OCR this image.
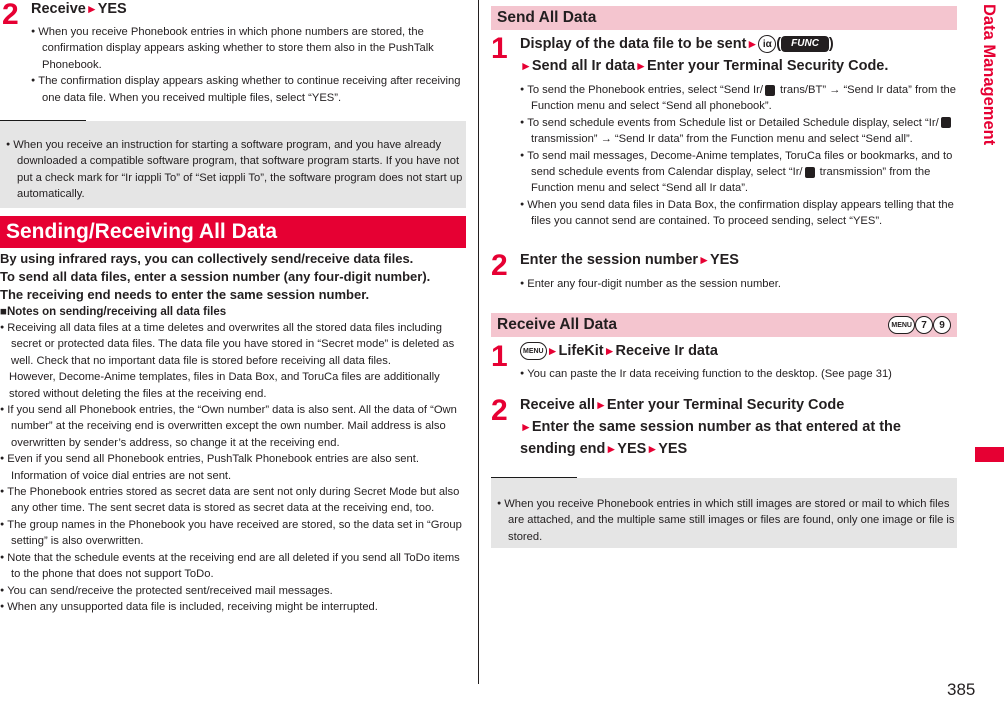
2 Receive►YES

● When you receive Phonebook entries in which phone numbers are stored, the confirmation display appears asking whether to store them also in the PushTalk Phonebook.

● The confirmation display appears asking whether to continue receiving after receiving one data file. When you received multiple files, select “YES”.

● When you receive an instruction for starting a software program, and you have already downloaded a compatible software program, that software program starts. If you have not put a check mark for “Ir iαppli To” of “Set iαppli To”, the software program does not start up automatically.

Sending/Receiving All Data
By using infrared rays, you can collectively send/receive data files.
To send all data files, enter a session number (any four-digit number).
The receiving end needs to enter the same session number.
■Notes on sending/receiving all data files

● Receiving all data files at a time deletes and overwrites all the stored data files including secret or protected data files. The data file you have stored in “Secret mode” is deleted as well. Check that no important data file is stored before receiving all data files.

However, Decome-Anime templates, files in Data Box, and ToruCa files are additionally stored without deleting the files at the receiving end.

● If you send all Phonebook entries, the “Own number” data is also sent. All the data of “Own number” at the receiving end is overwritten except the own number. Mail address is also overwritten by sender’s address, so change it at the receiving end.

● Even if you send all Phonebook entries, PushTalk Phonebook entries are also sent. Information of voice dial entries are not sent.

● The Phonebook entries stored as secret data are sent not only during Secret Mode but also any other time. The sent secret data is stored as secret data at the receiving end, too.

● The group names in the Phonebook you have received are stored, so the data set in “Group setting” is also overwritten.

● Note that the schedule events at the receiving end are all deleted if you send all ToDo items to the phone that does not support ToDo.

● You can send/receive the protected sent/received mail messages.

● When any unsupported data file is included, receiving might be interrupted.

Send All Data
1 Display of the data file to be sent► iα ( FUNC )
►Send all Ir data►Enter your Terminal Security Code.

● To send the Phonebook entries, select “Send Ir/ trans/BT” → “Send Ir data” from the Function menu and select “Send all phonebook”.

● To send schedule events from Schedule list or Detailed Schedule display, select “Ir/ transmission” → “Send Ir data” from the Function menu and select “Send all”.

● To send mail messages, Decome-Anime templates, ToruCa files or bookmarks, and to send schedule events from Calendar display, select “Ir/ transmission” from the Function menu and select “Send all Ir data”.

● When you send data files in Data Box, the confirmation display appears telling that the files you cannot send are contained. To proceed sending, select “YES”.

2 Enter the session number►YES

● Enter any four-digit number as the session number.

Receive All Data	MENU 7 9
1	MENU ►LifeKit►Receive Ir data

● You can paste the Ir data receiving function to the desktop. (See page 31)

2 Receive all►Enter your Terminal Security Code
►Enter the same session number as that entered at the
sending end►YES►YES

● When you receive Phonebook entries in which still images are stored or mail to which files are attached, and the multiple same still images or files are found, only one image or file is stored.

Data Management
385
